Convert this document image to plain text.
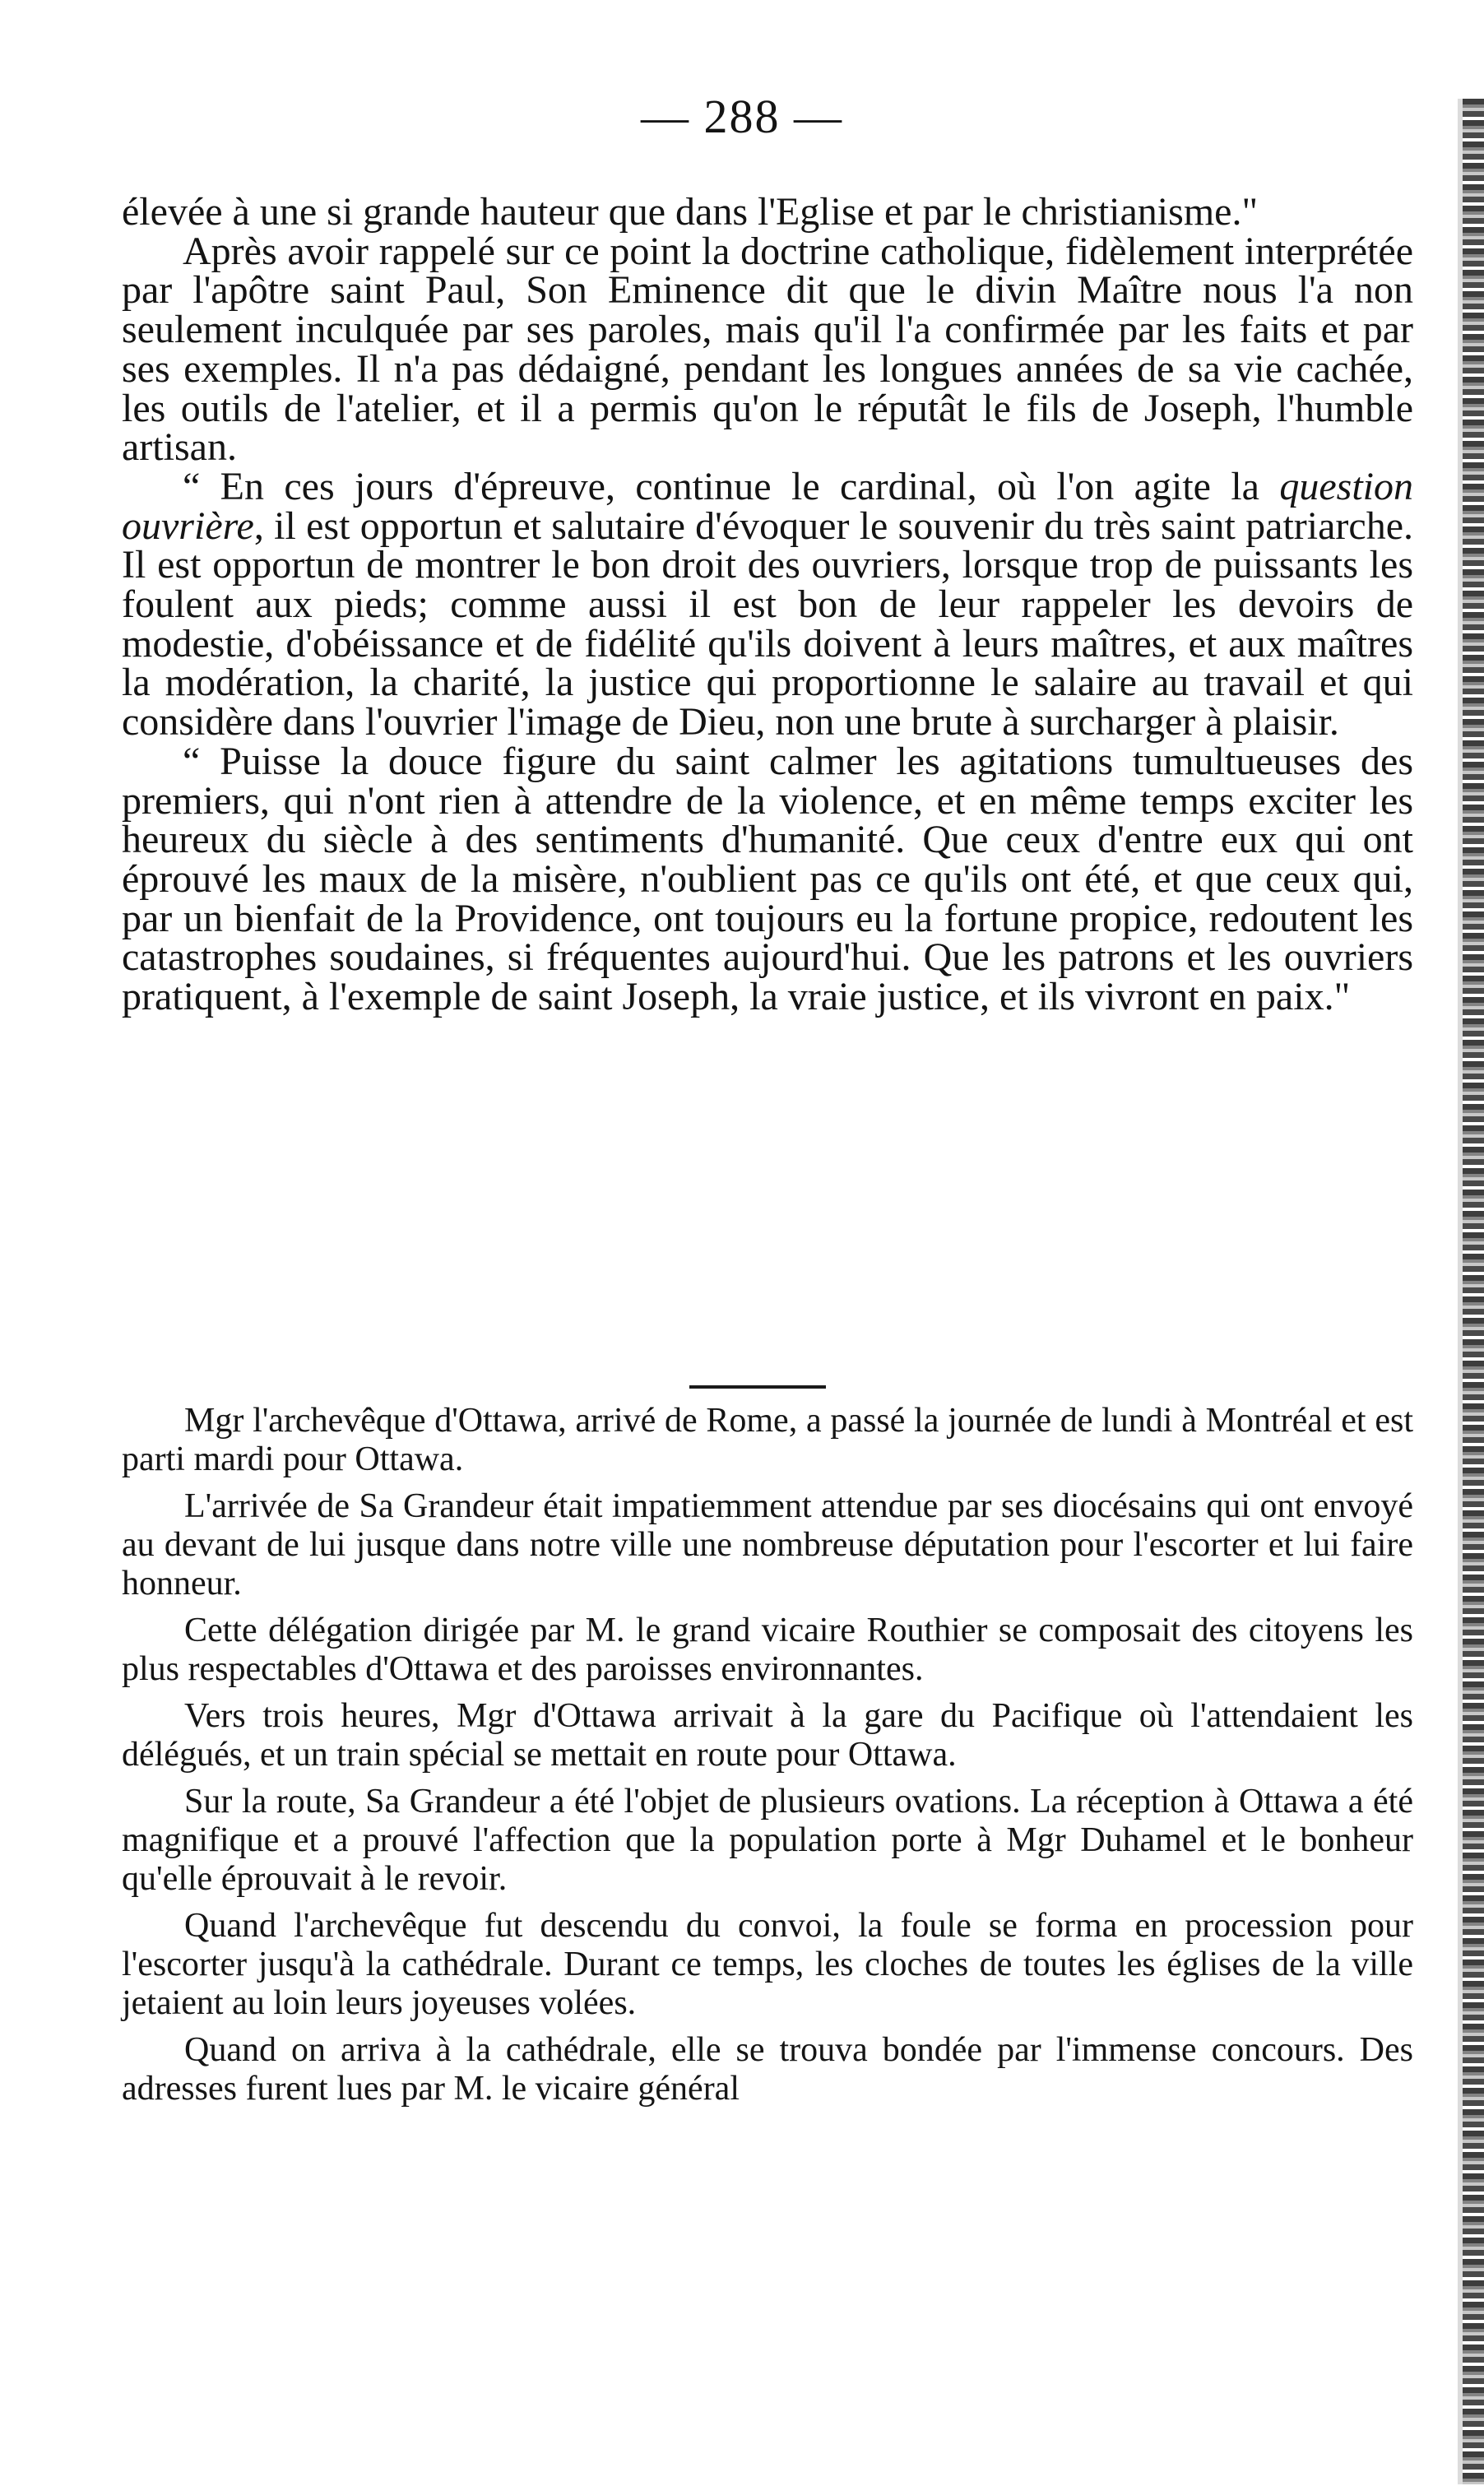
— 288 —

élevée à une si grande hauteur que dans l'Eglise et par le christianisme."

Après avoir rappelé sur ce point la doctrine catholique, fidèlement interprétée par l'apôtre saint Paul, Son Eminence dit que le divin Maître nous l'a non seulement inculquée par ses paroles, mais qu'il l'a confirmée par les faits et par ses exemples. Il n'a pas dédaigné, pendant les longues années de sa vie cachée, les outils de l'atelier, et il a permis qu'on le réputât le fils de Joseph, l'humble artisan.

“ En ces jours d'épreuve, continue le cardinal, où l'on agite la question ouvrière, il est opportun et salutaire d'évoquer le souvenir du très saint patriarche. Il est opportun de montrer le bon droit des ouvriers, lorsque trop de puissants les foulent aux pieds; comme aussi il est bon de leur rappeler les devoirs de modestie, d'obéissance et de fidélité qu'ils doivent à leurs maîtres, et aux maîtres la modération, la charité, la justice qui proportionne le salaire au travail et qui considère dans l'ouvrier l'image de Dieu, non une brute à surcharger à plaisir.

“ Puisse la douce figure du saint calmer les agitations tumultueuses des premiers, qui n'ont rien à attendre de la violence, et en même temps exciter les heureux du siècle à des sentiments d'humanité. Que ceux d'entre eux qui ont éprouvé les maux de la misère, n'oublient pas ce qu'ils ont été, et que ceux qui, par un bienfait de la Providence, ont toujours eu la fortune propice, redoutent les catastrophes soudaines, si fréquentes aujourd'hui. Que les patrons et les ouvriers pratiquent, à l'exemple de saint Joseph, la vraie justice, et ils vivront en paix."

Mgr l'archevêque d'Ottawa, arrivé de Rome, a passé la journée de lundi à Montréal et est parti mardi pour Ottawa.

L'arrivée de Sa Grandeur était impatiemment attendue par ses diocésains qui ont envoyé au devant de lui jusque dans notre ville une nombreuse députation pour l'escorter et lui faire honneur.

Cette délégation dirigée par M. le grand vicaire Routhier se composait des citoyens les plus respectables d'Ottawa et des paroisses environnantes.

Vers trois heures, Mgr d'Ottawa arrivait à la gare du Pacifique où l'attendaient les délégués, et un train spécial se mettait en route pour Ottawa.

Sur la route, Sa Grandeur a été l'objet de plusieurs ovations. La réception à Ottawa a été magnifique et a prouvé l'affection que la population porte à Mgr Duhamel et le bonheur qu'elle éprouvait à le revoir.

Quand l'archevêque fut descendu du convoi, la foule se forma en procession pour l'escorter jusqu'à la cathédrale. Durant ce temps, les cloches de toutes les églises de la ville jetaient au loin leurs joyeuses volées.

Quand on arriva à la cathédrale, elle se trouva bondée par l'immense concours. Des adresses furent lues par M. le vicaire général
